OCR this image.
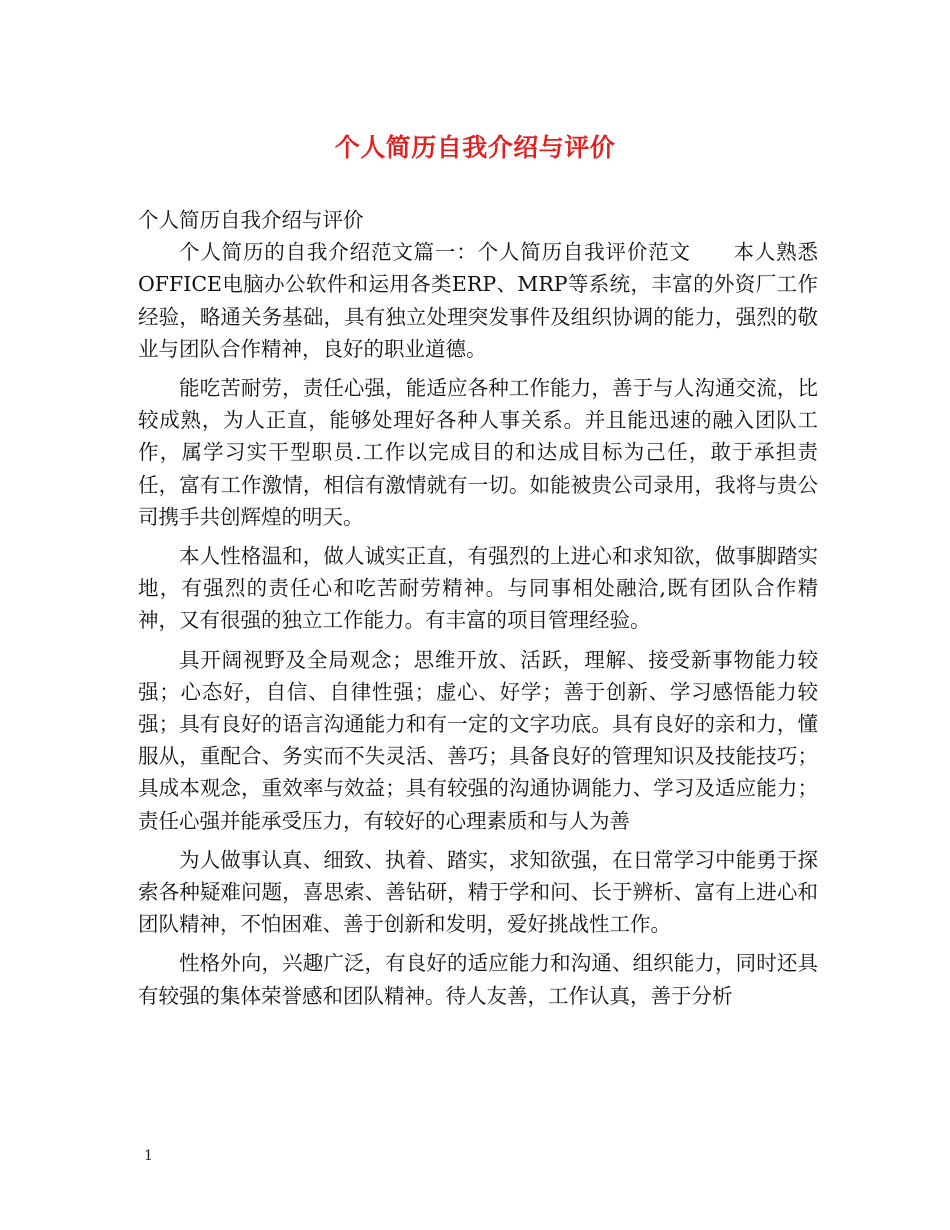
个人简历自我介绍与评价

个人简历自我介绍与评价

个人简历的自我介绍范文篇一：个人简历自我评价范文　　本人熟悉OFFICE电脑办公软件和运用各类ERP、MRP等系统，丰富的外资厂工作经验，略通关务基础，具有独立处理突发事件及组织协调的能力，强烈的敬业与团队合作精神，良好的职业道德。

能吃苦耐劳，责任心强，能适应各种工作能力，善于与人沟通交流，比较成熟，为人正直，能够处理好各种人事关系。并且能迅速的融入团队工作，属学习实干型职员.工作以完成目的和达成目标为己任，敢于承担责任，富有工作激情，相信有激情就有一切。如能被贵公司录用，我将与贵公司携手共创辉煌的明天。

本人性格温和，做人诚实正直，有强烈的上进心和求知欲，做事脚踏实地，有强烈的责任心和吃苦耐劳精神。与同事相处融洽,既有团队合作精神，又有很强的独立工作能力。有丰富的项目管理经验。

具开阔视野及全局观念；思维开放、活跃，理解、接受新事物能力较强；心态好，自信、自律性强；虚心、好学；善于创新、学习感悟能力较强；具有良好的语言沟通能力和有一定的文字功底。具有良好的亲和力，懂服从，重配合、务实而不失灵活、善巧；具备良好的管理知识及技能技巧；具成本观念，重效率与效益；具有较强的沟通协调能力、学习及适应能力；责任心强并能承受压力，有较好的心理素质和与人为善

为人做事认真、细致、执着、踏实，求知欲强，在日常学习中能勇于探索各种疑难问题，喜思索、善钻研，精于学和问、长于辨析、富有上进心和团队精神，不怕困难、善于创新和发明，爱好挑战性工作。

性格外向，兴趣广泛，有良好的适应能力和沟通、组织能力，同时还具有较强的集体荣誉感和团队精神。待人友善，工作认真，善于分析

1
